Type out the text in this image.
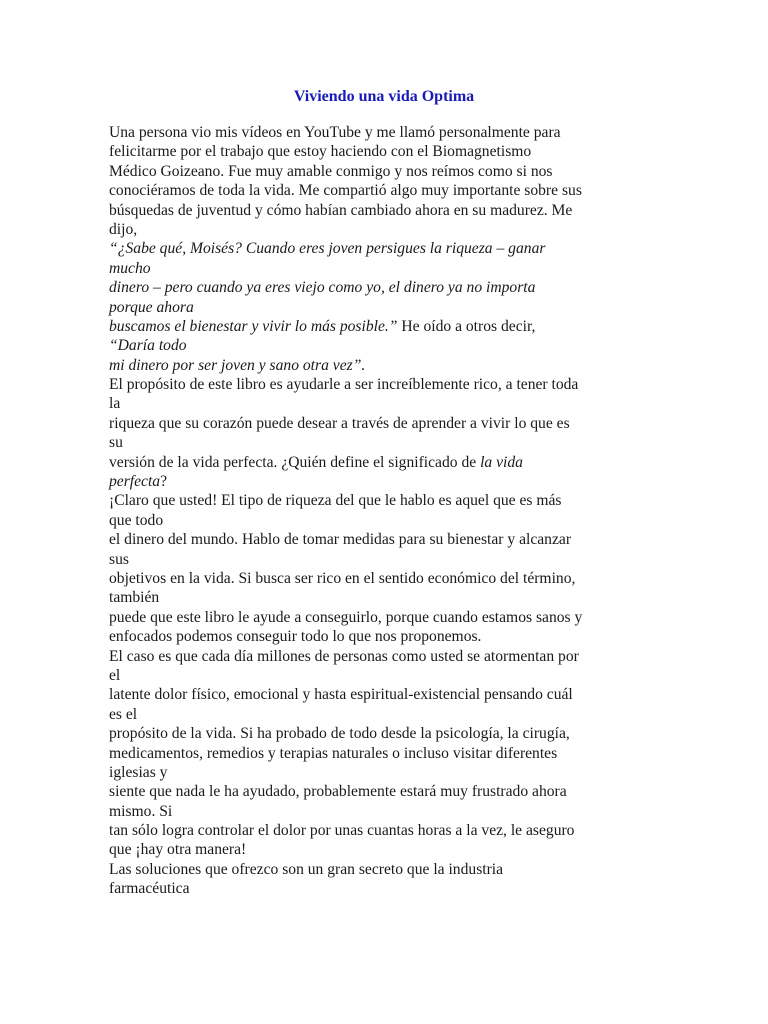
Viviendo una vida Optima
Una persona vio mis vídeos en YouTube y me llamó personalmente para
felicitarme por el trabajo que estoy haciendo con el Biomagnetismo
Médico Goizeano. Fue muy amable conmigo y nos reímos como si nos
conociéramos de toda la vida. Me compartió algo muy importante sobre sus
búsquedas de juventud y cómo habían cambiado ahora en su madurez. Me
dijo,
“¿Sabe qué, Moisés? Cuando eres joven persigues la riqueza – ganar
mucho
dinero – pero cuando ya eres viejo como yo, el dinero ya no importa
porque ahora
buscamos el bienestar y vivir lo más posible.” He oído a otros decir,
“Daría todo
mi dinero por ser joven y sano otra vez”.
El propósito de este libro es ayudarle a ser increíblemente rico, a tener toda
la
riqueza que su corazón puede desear a través de aprender a vivir lo que es
su
versión de la vida perfecta. ¿Quién define el significado de la vida
perfecta?
¡Claro que usted! El tipo de riqueza del que le hablo es aquel que es más
que todo
el dinero del mundo. Hablo de tomar medidas para su bienestar y alcanzar
sus
objetivos en la vida. Si busca ser rico en el sentido económico del término,
también
puede que este libro le ayude a conseguirlo, porque cuando estamos sanos y
enfocados podemos conseguir todo lo que nos proponemos.
El caso es que cada día millones de personas como usted se atormentan por
el
latente dolor físico, emocional y hasta espiritual-existencial pensando cuál
es el
propósito de la vida. Si ha probado de todo desde la psicología, la cirugía,
medicamentos, remedios y terapias naturales o incluso visitar diferentes
iglesias y
siente que nada le ha ayudado, probablemente estará muy frustrado ahora
mismo. Si
tan sólo logra controlar el dolor por unas cuantas horas a la vez, le aseguro
que ¡hay otra manera!
Las soluciones que ofrezco son un gran secreto que la industria
farmacéutica
